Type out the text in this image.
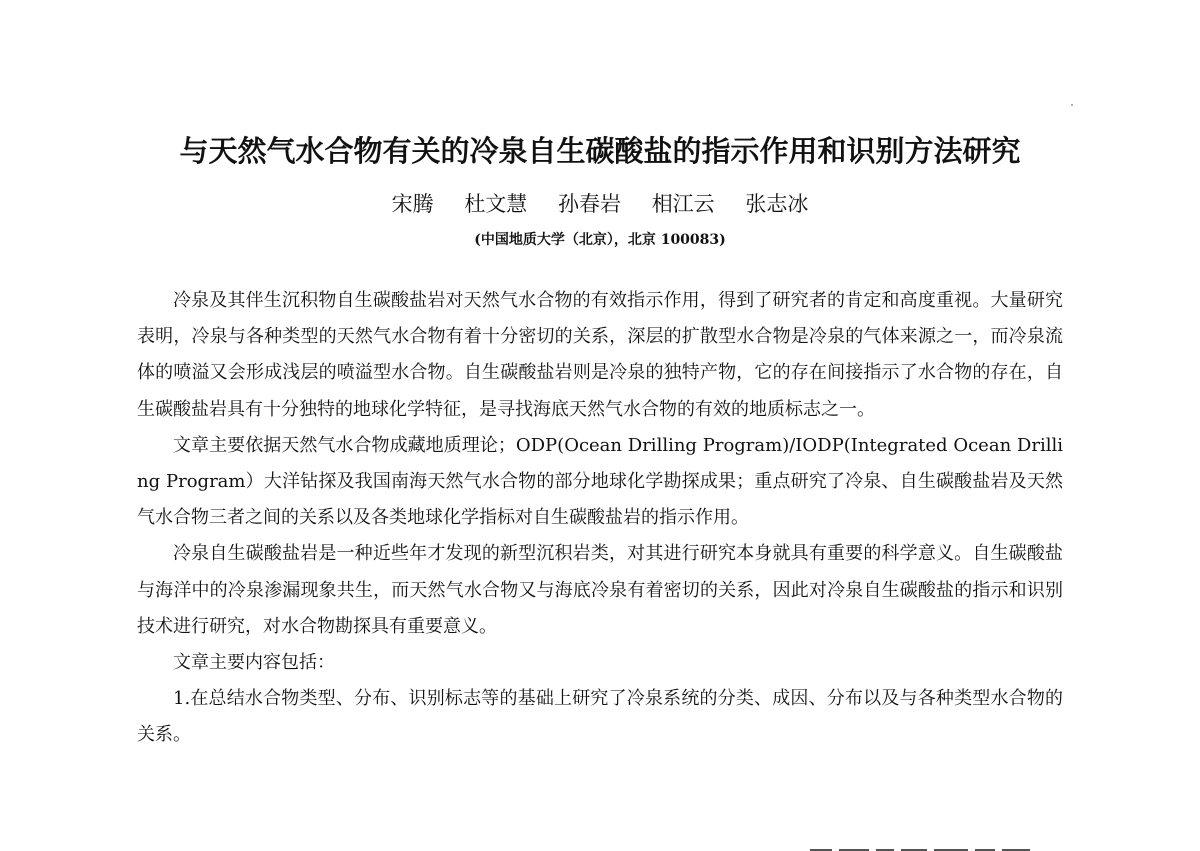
与天然气水合物有关的冷泉自生碳酸盐的指示作用和识别方法研究
宋腾 杜文慧 孙春岩 相江云 张志冰
(中国地质大学（北京），北京 100083)

冷泉及其伴生沉积物自生碳酸盐岩对天然气水合物的有效指示作用，得到了研究者的肯定和高度重视。大量研究表明，冷泉与各种类型的天然气水合物有着十分密切的关系，深层的扩散型水合物是冷泉的气体来源之一，而冷泉流体的喷溢又会形成浅层的喷溢型水合物。自生碳酸盐岩则是冷泉的独特产物，它的存在间接指示了水合物的存在，自生碳酸盐岩具有十分独特的地球化学特征，是寻找海底天然气水合物的有效的地质标志之一。

文章主要依据天然气水合物成藏地质理论；ODP(Ocean Drilling Program)/IODP(Integrated Ocean Drilling Program）大洋钻探及我国南海天然气水合物的部分地球化学勘探成果；重点研究了冷泉、自生碳酸盐岩及天然气水合物三者之间的关系以及各类地球化学指标对自生碳酸盐岩的指示作用。

冷泉自生碳酸盐岩是一种近些年才发现的新型沉积岩类，对其进行研究本身就具有重要的科学意义。自生碳酸盐与海洋中的冷泉渗漏现象共生，而天然气水合物又与海底冷泉有着密切的关系，因此对冷泉自生碳酸盐的指示和识别技术进行研究，对水合物勘探具有重要意义。

文章主要内容包括：

1.在总结水合物类型、分布、识别标志等的基础上研究了冷泉系统的分类、成因、分布以及与各种类型水合物的关系。
